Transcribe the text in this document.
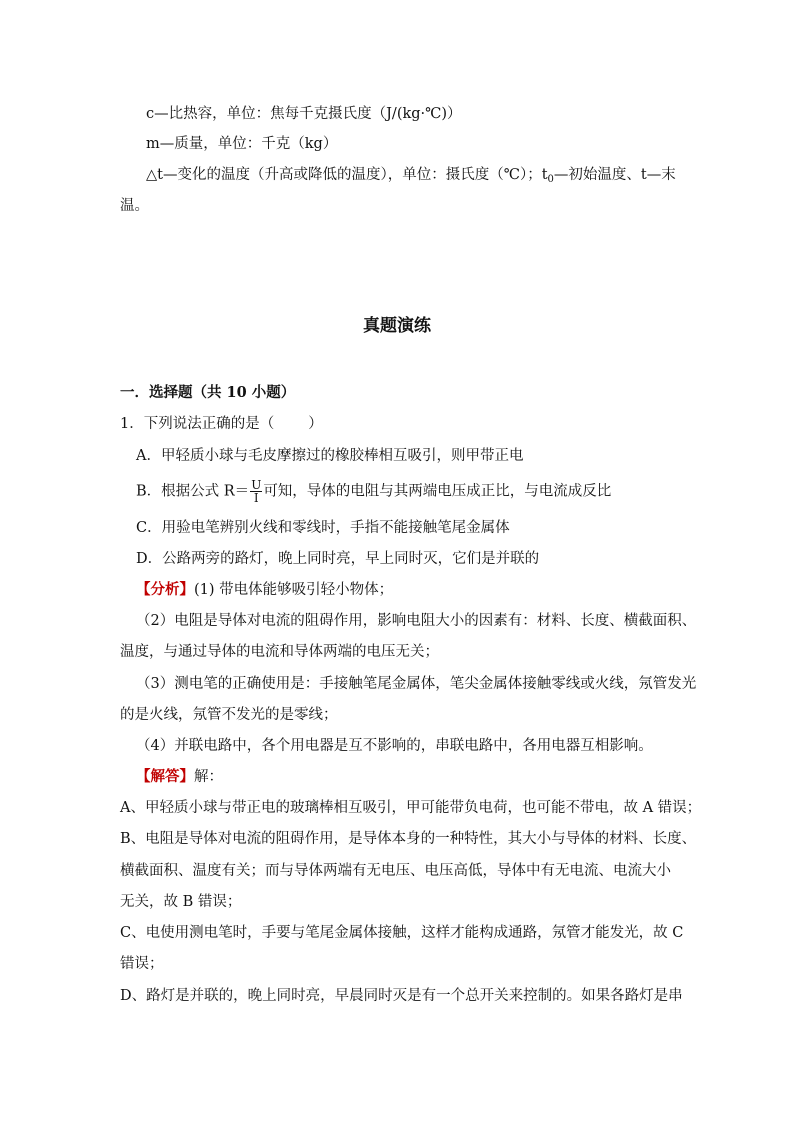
c—比热容，单位：焦每千克摄氏度（J/(kg·℃)）
m—质量，单位：千克（kg）
△t—变化的温度（升高或降低的温度），单位：摄氏度（℃）；$t_0—$初始温度、t—末
温。
真题演练
一．选择题（共 10 小题）
1．下列说法正确的是（ ）
A．甲轻质小球与毛皮摩擦过的橡胶棒相互吸引，则甲带正电
B．根据公式 $R= \frac{U}{I}$ 可知，导体的电阻与其两端电压成正比，与电流成反比
C．用验电笔辨别火线和零线时，手指不能接触笔尾金属体
D．公路两旁的路灯，晚上同时亮，早上同时灭，它们是并联的
【分析】(1) 带电体能够吸引轻小物体；
（2）电阻是导体对电流的阻碍作用，影响电阻大小的因素有：材料、长度、横截面积、
温度，与通过导体的电流和导体两端的电压无关；
（3）测电笔的正确使用是：手接触笔尾金属体，笔尖金属体接触零线或火线，氖管发光
的是火线，氖管不发光的是零线；
（4）并联电路中，各个用电器是互不影响的，串联电路中，各用电器互相影响。
【解答】解：
A、甲轻质小球与带正电的玻璃棒相互吸引，甲可能带负电荷，也可能不带电，故 A 错误；
B、电阻是导体对电流的阻碍作用，是导体本身的一种特性，其大小与导体的材料、长度、
横截面积、温度有关；而与导体两端有无电压、电压高低，导体中有无电流、电流大小
无关，故 B 错误；
C、电使用测电笔时，手要与笔尾金属体接触，这样才能构成通路，氖管才能发光，故 C
错误；
D、路灯是并联的，晚上同时亮，早晨同时灭是有一个总开关来控制的。如果各路灯是串
